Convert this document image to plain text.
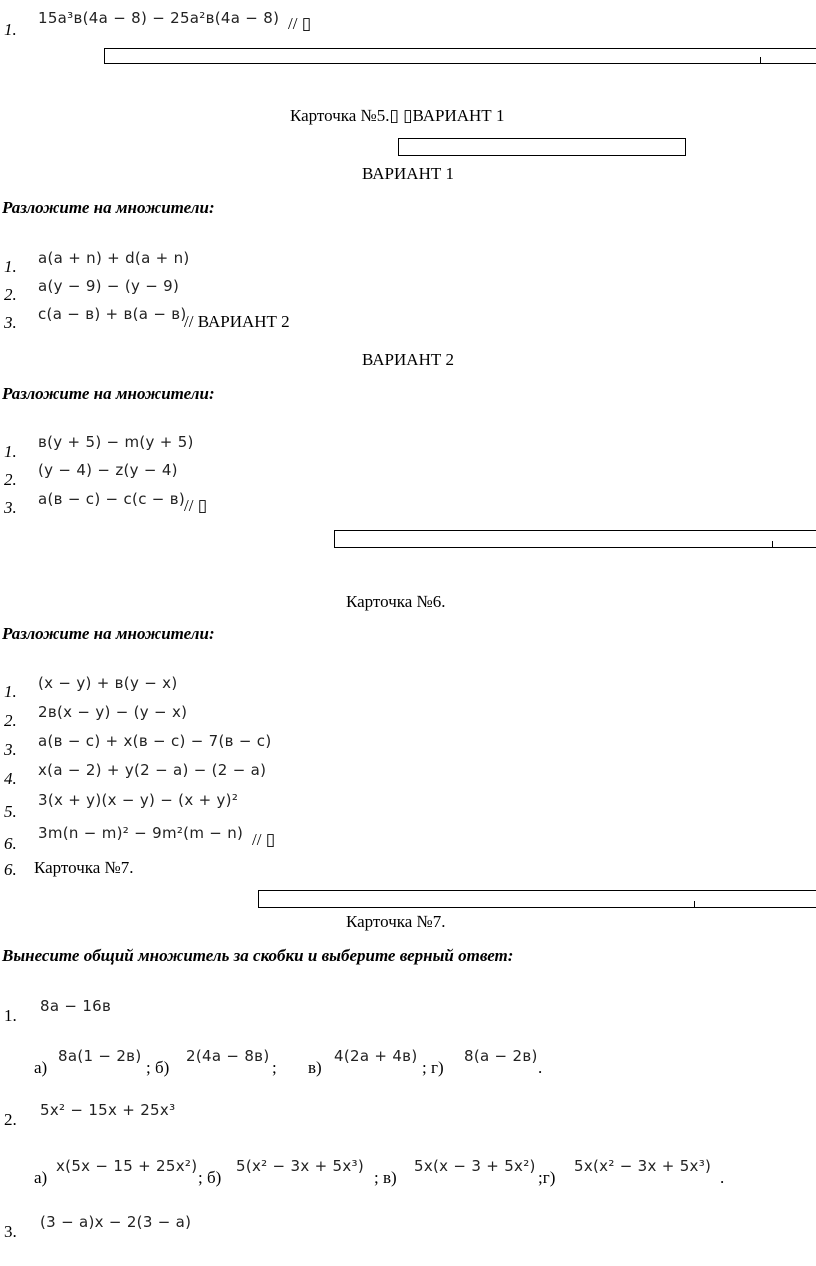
1.
15a³в(4a − 8) − 25a²в(4a − 8) // ▯
Карточка №5.▯ ▯ВАРИАНТ 1
ВАРИАНТ 1
Разложите на множители:
1. a(a + n) + d(a + n)
2. a(y − 9) − (y − 9)
3. c(a − в) + в(a − в)
// ВАРИАНТ 2
ВАРИАНТ 2
Разложите на множители:
1. в(y + 5) − m(y + 5)
2. (y − 4) − z(y − 4)
3. a(в − c) − c(c − в)
// ▯
Карточка №6.
Разложите на множители:
1. (x − y) + в(y − x)
2. 2в(x − y) − (y − x)
3. a(в − c) + x(в − c) − 7(в − c)
4. x(a − 2) + y(2 − a) − (2 − a)
5.
3(x + y)(x − y) − (x + y)²
6.
3m(n − m)² − 9m²(m − n) // ▯
6. Карточка №7.
Карточка №7.
Вынесите общий множитель за скобки и выберите верный ответ:
1. 8a − 16в
а)
8a(1 − 2в)
; б)
2(4a − 8в)
; в)
4(2a + 4в)
; г)
8(a − 2в)
.
2. 5x² − 15x + 25x³
а)
x(5x − 15 + 25x²)
; б)
5(x² − 3x + 5x³)
; в)
5x(x − 3 + 5x²)
;г)
5x(x² − 3x + 5x³)
.
3. (3 − a)x − 2(3 − a)
